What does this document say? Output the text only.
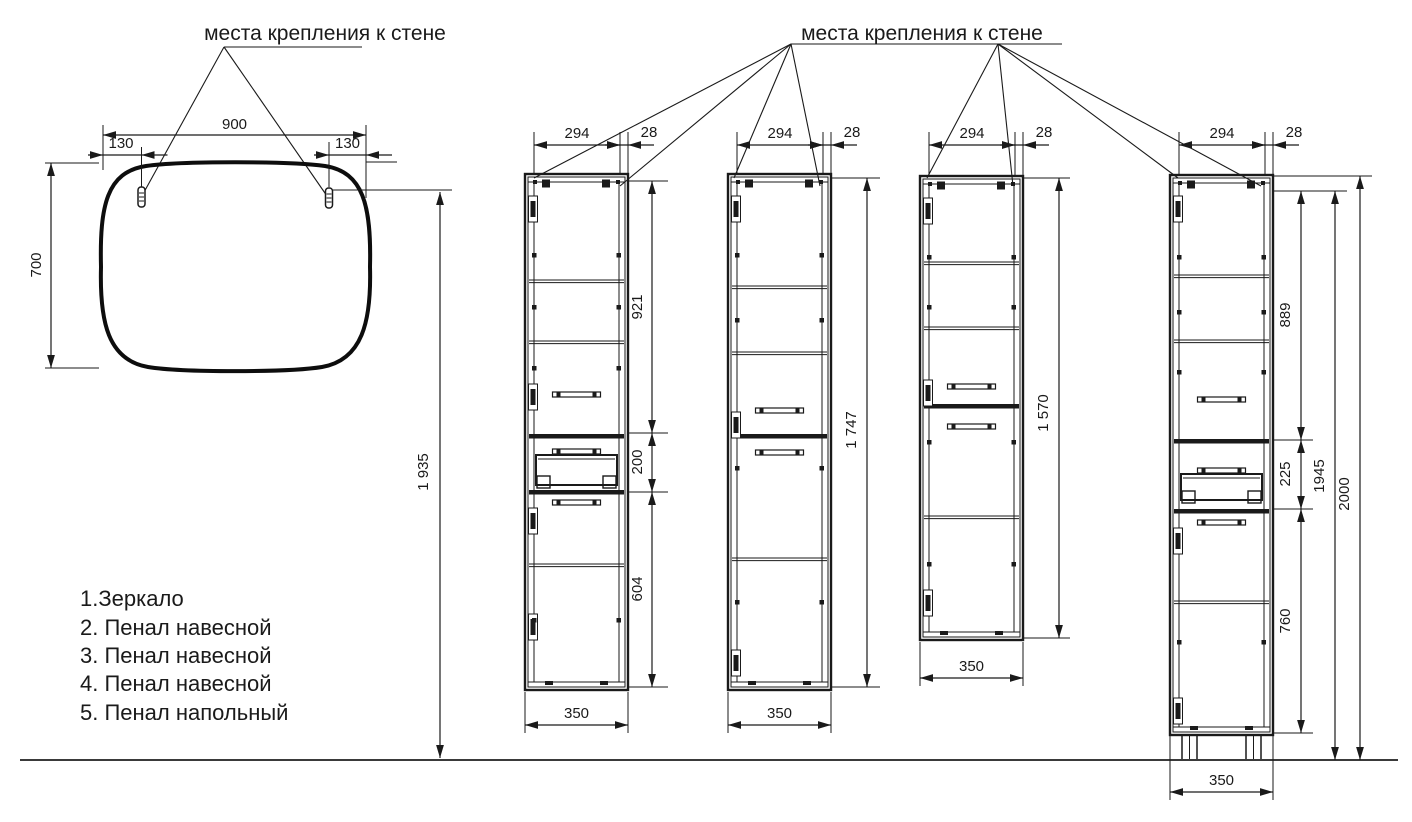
места крепления к стене	места крепления к стене
900
130	130
700
1 935
294	28	294	28	294	28	294	28
350	350
350
350
921
200
604
1 747	1 570
889
225
760
1945
2000
1.Зеркало
2. Пенал навесной
3. Пенал навесной
4. Пенал навесной
5. Пенал напольный
